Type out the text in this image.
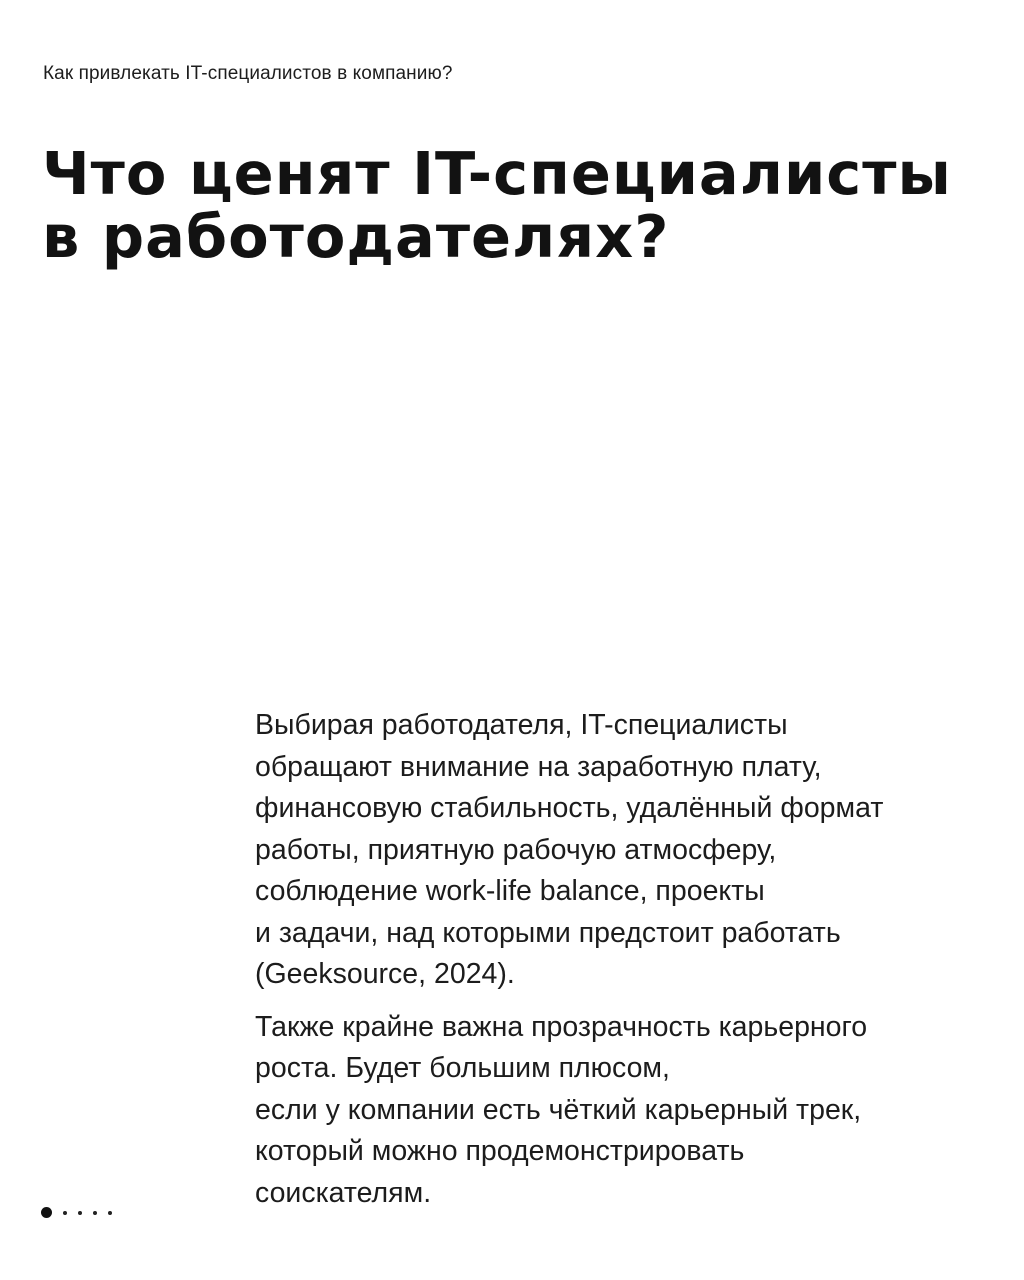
Как привлекать IT-специалистов в компанию?
Что ценят IT-специалисты
в работодателях?

Выбирая работодателя, IT-специалисты
обращают внимание на заработную плату,
финансовую стабильность, удалённый формат
работы, приятную рабочую атмосферу,
соблюдение work-life balance, проекты
и задачи, над которыми предстоит работать
(Geeksource, 2024).

Также крайне важна прозрачность карьерного
роста. Будет большим плюсом,
если у компании есть чёткий карьерный трек,
который можно продемонстрировать
соискателям.
